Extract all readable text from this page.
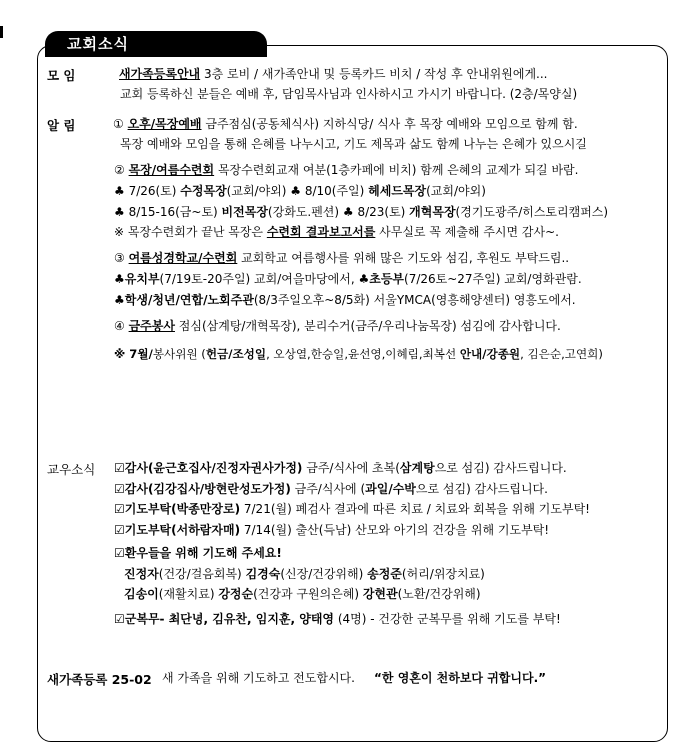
교회소식
모 임	새가족등록안내 3층 로비 / 새가족안내 및 등록카드 비치 / 작성 후 안내위원에게...
교회 등록하신 분들은 예배 후, 담임목사님과 인사하시고 가시기 바랍니다. (2층/목양실)
알 림	① 오후/목장예배 금주점심(공동체식사) 지하식당/ 식사 후 목장 예배와 모임으로 함께 함.
목장 예배와 모임을 통해 은혜를 나누시고, 기도 제목과 삶도 함께 나누는 은혜가 있으시길
② 목장/여름수련회 목장수련회교재 여분(1층카페에 비치) 함께 은혜의 교제가 되길 바람.
♣ 7/26(토) 수정목장(교회/야외) ♣ 8/10(주일) 헤세드목장(교회/야외)
♣ 8/15-16(금~토) 비전목장(강화도.펜션) ♣ 8/23(토) 개혁목장(경기도광주/히스토리캠퍼스)
※ 목장수련회가 끝난 목장은 수련회 결과보고서를 사무실로 꼭 제출해 주시면 감사~.
③ 여름성경학교/수련회 교회학교 여름행사를 위해 많은 기도와 섬김, 후원도 부탁드림..
♣유치부(7/19토-20주일) 교회/여을마당에서, ♣초등부(7/26토~27주일) 교회/영화관람.
♣학생/청년/연합/노회주관(8/3주일오후~8/5화) 서울YMCA(영흥해양센터) 영흥도에서.
④ 금주봉사 점심(삼계탕/개혁목장), 분리수거(금주/우리나눔목장) 섬김에 감사합니다.
※ 7월/봉사위원 (헌금/조성일, 오상열,한승일,윤선영,이혜림,최복선 안내/강종원, 김은순,고연희)
교우소식 ☑감사(윤근호집사/진정자권사가정) 금주/식사에 초복(삼계탕으로 섬김) 감사드립니다.
☑감사(김강집사/방현란성도가정) 금주/식사에 (과일/수박으로 섬김) 감사드립니다.
☑기도부탁(박종만장로) 7/21(월) 폐검사 결과에 따른 치료 / 치료와 회복을 위해 기도부탁!
☑기도부탁(서하람자매) 7/14(월) 출산(득남) 산모와 아기의 건강을 위해 기도부탁!
☑환우들을 위해 기도해 주세요!
진정자(건강/걸음회복) 김경숙(신장/건강위해) 송정준(허리/위장치료)
김송이(재활치료) 강정순(건강과 구원의은혜) 강현관(노환/건강위해)
☑군복무- 최단녕, 김유찬, 임지훈, 양태영 (4명) - 건강한 군복무를 위해 기도를 부탁!
새가족등록 25-02 새 가족을 위해 기도하고 전도합시다. “한 영혼이 천하보다 귀합니다.”
